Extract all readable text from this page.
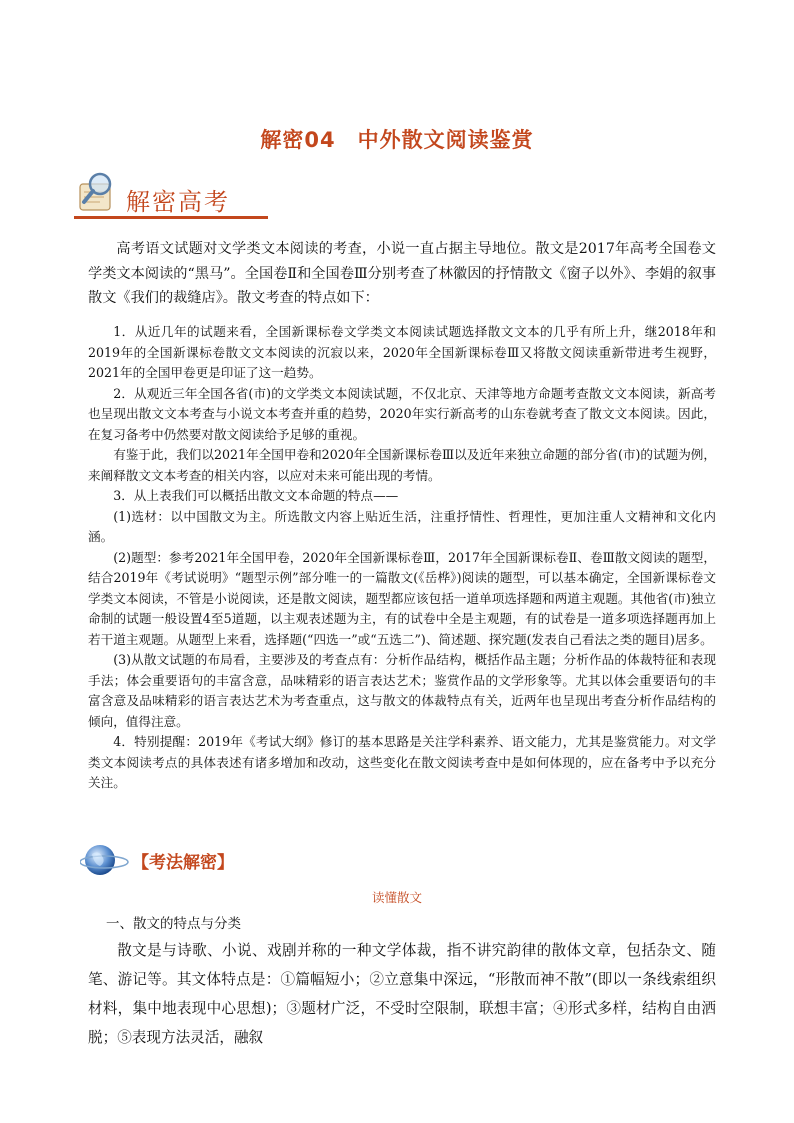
解密04　中外散文阅读鉴赏
解密高考

高考语文试题对文学类文本阅读的考查，小说一直占据主导地位。散文是2017年高考全国卷文学类文本阅读的“黑马”。全国卷Ⅱ和全国卷Ⅲ分别考查了林徽因的抒情散文《窗子以外》、李娟的叙事散文《我们的裁缝店》。散文考查的特点如下：

1．从近几年的试题来看，全国新课标卷文学类文本阅读试题选择散文文本的几乎有所上升，继2018年和2019年的全国新课标卷散文文本阅读的沉寂以来，2020年全国新课标卷Ⅲ又将散文阅读重新带进考生视野，2021年的全国甲卷更是印证了这一趋势。

2．从观近三年全国各省(市)的文学类文本阅读试题，不仅北京、天津等地方命题考查散文文本阅读，新高考也呈现出散文文本考查与小说文本考查并重的趋势，2020年实行新高考的山东卷就考查了散文文本阅读。因此，在复习备考中仍然要对散文阅读给予足够的重视。

有鉴于此，我们以2021年全国甲卷和2020年全国新课标卷Ⅲ以及近年来独立命题的部分省(市)的试题为例，来阐释散文文本考查的相关内容，以应对未来可能出现的考情。

3．从上表我们可以概括出散文文本命题的特点——

(1)选材：以中国散文为主。所选散文内容上贴近生活，注重抒情性、哲理性，更加注重人文精神和文化内涵。

(2)题型：参考2021年全国甲卷，2020年全国新课标卷Ⅲ，2017年全国新课标卷Ⅱ、卷Ⅲ散文阅读的题型，结合2019年《考试说明》“题型示例”部分唯一的一篇散文(《岳桦》)阅读的题型，可以基本确定，全国新课标卷文学类文本阅读，不管是小说阅读，还是散文阅读，题型都应该包括一道单项选择题和两道主观题。其他省(市)独立命制的试题一般设置4至5道题，以主观表述题为主，有的试卷中全是主观题，有的试卷是一道多项选择题再加上若干道主观题。从题型上来看，选择题(“四选一”或“五选二”)、简述题、探究题(发表自己看法之类的题目)居多。

(3)从散文试题的布局看，主要涉及的考查点有：分析作品结构，概括作品主题；分析作品的体裁特征和表现手法；体会重要语句的丰富含意，品味精彩的语言表达艺术；鉴赏作品的文学形象等。尤其以体会重要语句的丰富含意及品味精彩的语言表达艺术为考查重点，这与散文的体裁特点有关，近两年也呈现出考查分析作品结构的倾向，值得注意。

4．特别提醒：2019年《考试大纲》修订的基本思路是关注学科素养、语文能力，尤其是鉴赏能力。对文学类文本阅读考点的具体表述有诸多增加和改动，这些变化在散文阅读考查中是如何体现的，应在备考中予以充分关注。

【考法解密】
读懂散文
一、散文的特点与分类

散文是与诗歌、小说、戏剧并称的一种文学体裁，指不讲究韵律的散体文章，包括杂文、随笔、游记等。其文体特点是：①篇幅短小；②立意集中深远，“形散而神不散”(即以一条线索组织材料，集中地表现中心思想)；③题材广泛，不受时空限制，联想丰富；④形式多样，结构自由洒脱；⑤表现方法灵活，融叙
